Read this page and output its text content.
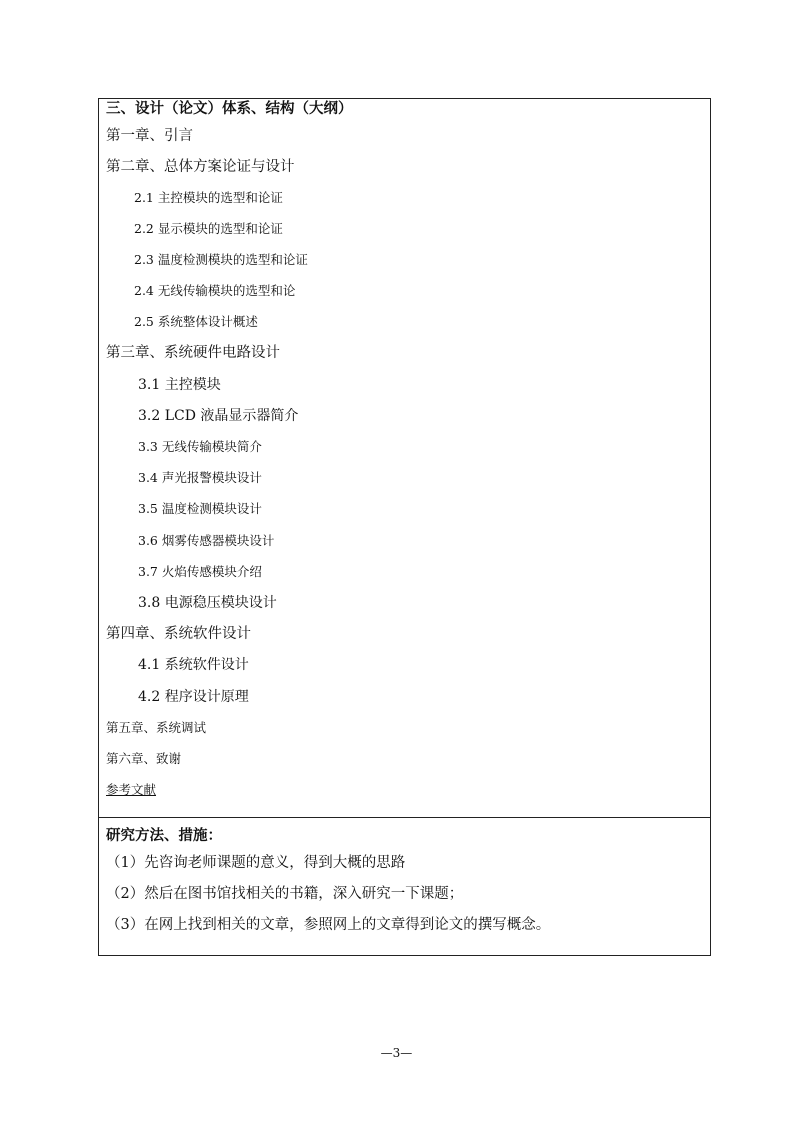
三、设计（论文）体系、结构（大纲）
第一章、引言
第二章、总体方案论证与设计
2.1 主控模块的选型和论证
2.2 显示模块的选型和论证
2.3 温度检测模块的选型和论证
2.4 无线传输模块的选型和论
2.5 系统整体设计概述
第三章、系统硬件电路设计
3.1 主控模块
3.2 LCD 液晶显示器简介
3.3 无线传输模块简介
3.4 声光报警模块设计
3.5 温度检测模块设计
3.6 烟雾传感器模块设计
3.7 火焰传感模块介绍
3.8 电源稳压模块设计
第四章、系统软件设计
4.1 系统软件设计
4.2 程序设计原理
第五章、系统调试
第六章、致谢
参考文献
研究方法、措施：
（1）先咨询老师课题的意义，得到大概的思路
（2）然后在图书馆找相关的书籍，深入研究一下课题；
（3）在网上找到相关的文章，参照网上的文章得到论文的撰写概念。
—3—
